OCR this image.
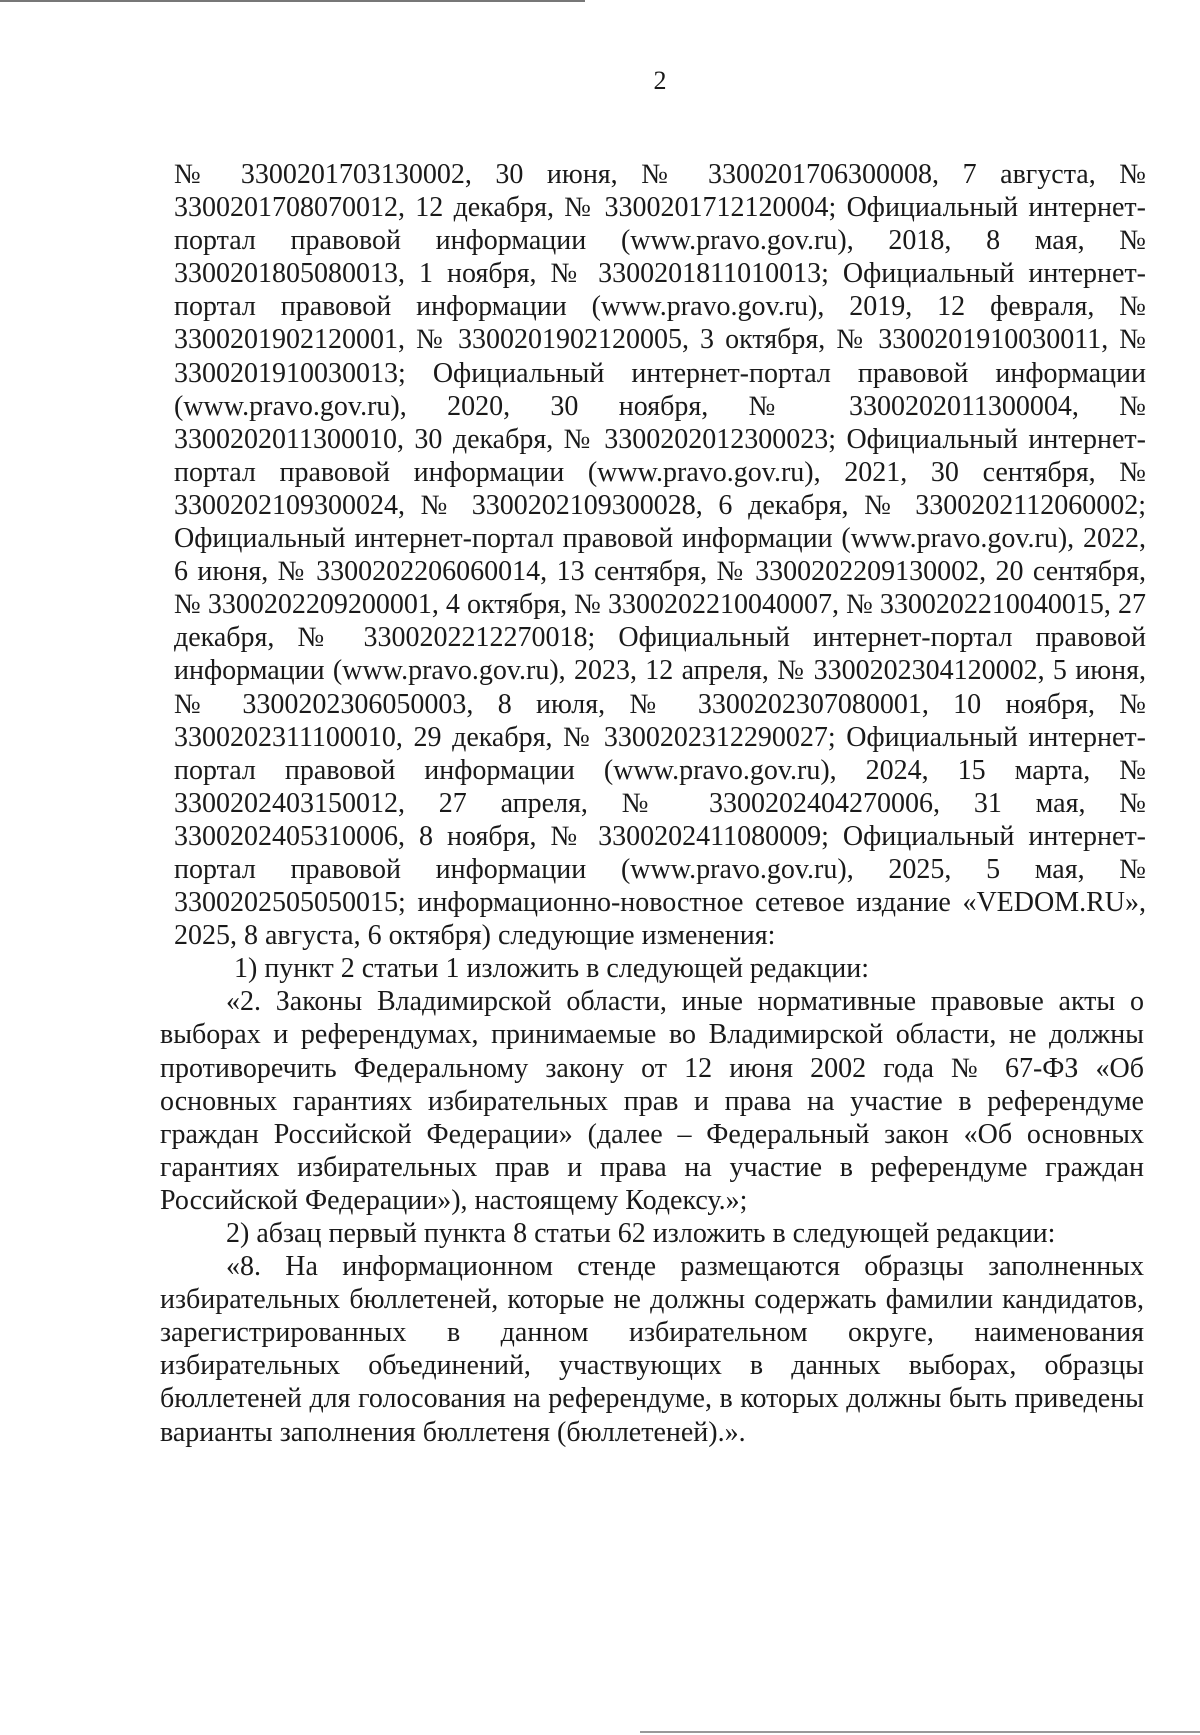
2

№ 3300201703130002, 30 июня, № 3300201706300008, 7 августа, № 3300201708070012, 12 декабря, № 3300201712120004; Официальный интернет-портал правовой информации (www.pravo.gov.ru), 2018, 8 мая, № 3300201805080013, 1 ноября, № 3300201811010013; Официальный интернет-портал правовой информации (www.pravo.gov.ru), 2019, 12 февраля, № 3300201902120001, № 3300201902120005, 3 октября, № 3300201910030011, № 3300201910030013; Официальный интернет-портал правовой информации (www.pravo.gov.ru), 2020, 30 ноября, № 3300202011300004, № 3300202011300010, 30 декабря, № 3300202012300023; Официальный интернет-портал правовой информации (www.pravo.gov.ru), 2021, 30 сентября, № 3300202109300024, № 3300202109300028, 6 декабря, № 3300202112060002; Официальный интернет-портал правовой информации (www.pravo.gov.ru), 2022, 6 июня, № 3300202206060014, 13 сентября, № 3300202209130002, 20 сентября, № 3300202209200001, 4 октября, № 3300202210040007, № 3300202210040015, 27 декабря, № 3300202212270018; Официальный интернет-портал правовой информации (www.pravo.gov.ru), 2023, 12 апреля, № 3300202304120002, 5 июня, № 3300202306050003, 8 июля, № 3300202307080001, 10 ноября, № 3300202311100010, 29 декабря, № 3300202312290027; Официальный интернет-портал правовой информации (www.pravo.gov.ru), 2024, 15 марта, № 3300202403150012, 27 апреля, № 3300202404270006, 31 мая, № 3300202405310006, 8 ноября, № 3300202411080009; Официальный интернет-портал правовой информации (www.pravo.gov.ru), 2025, 5 мая, № 3300202505050015; информационно-новостное сетевое издание «VEDOM.RU», 2025, 8 августа, 6 октября) следующие изменения:

1) пункт 2 статьи 1 изложить в следующей редакции:

«2. Законы Владимирской области, иные нормативные правовые акты о выборах и референдумах, принимаемые во Владимирской области, не должны противоречить Федеральному закону от 12 июня 2002 года № 67-ФЗ «Об основных гарантиях избирательных прав и права на участие в референдуме граждан Российской Федерации» (далее – Федеральный закон «Об основных гарантиях избирательных прав и права на участие в референдуме граждан Российской Федерации»), настоящему Кодексу.»;

2) абзац первый пункта 8 статьи 62 изложить в следующей редакции:

«8. На информационном стенде размещаются образцы заполненных избирательных бюллетеней, которые не должны содержать фамилии кандидатов, зарегистрированных в данном избирательном округе, наименования избирательных объединений, участвующих в данных выборах, образцы бюллетеней для голосования на референдуме, в которых должны быть приведены варианты заполнения бюллетеня (бюллетеней).».
